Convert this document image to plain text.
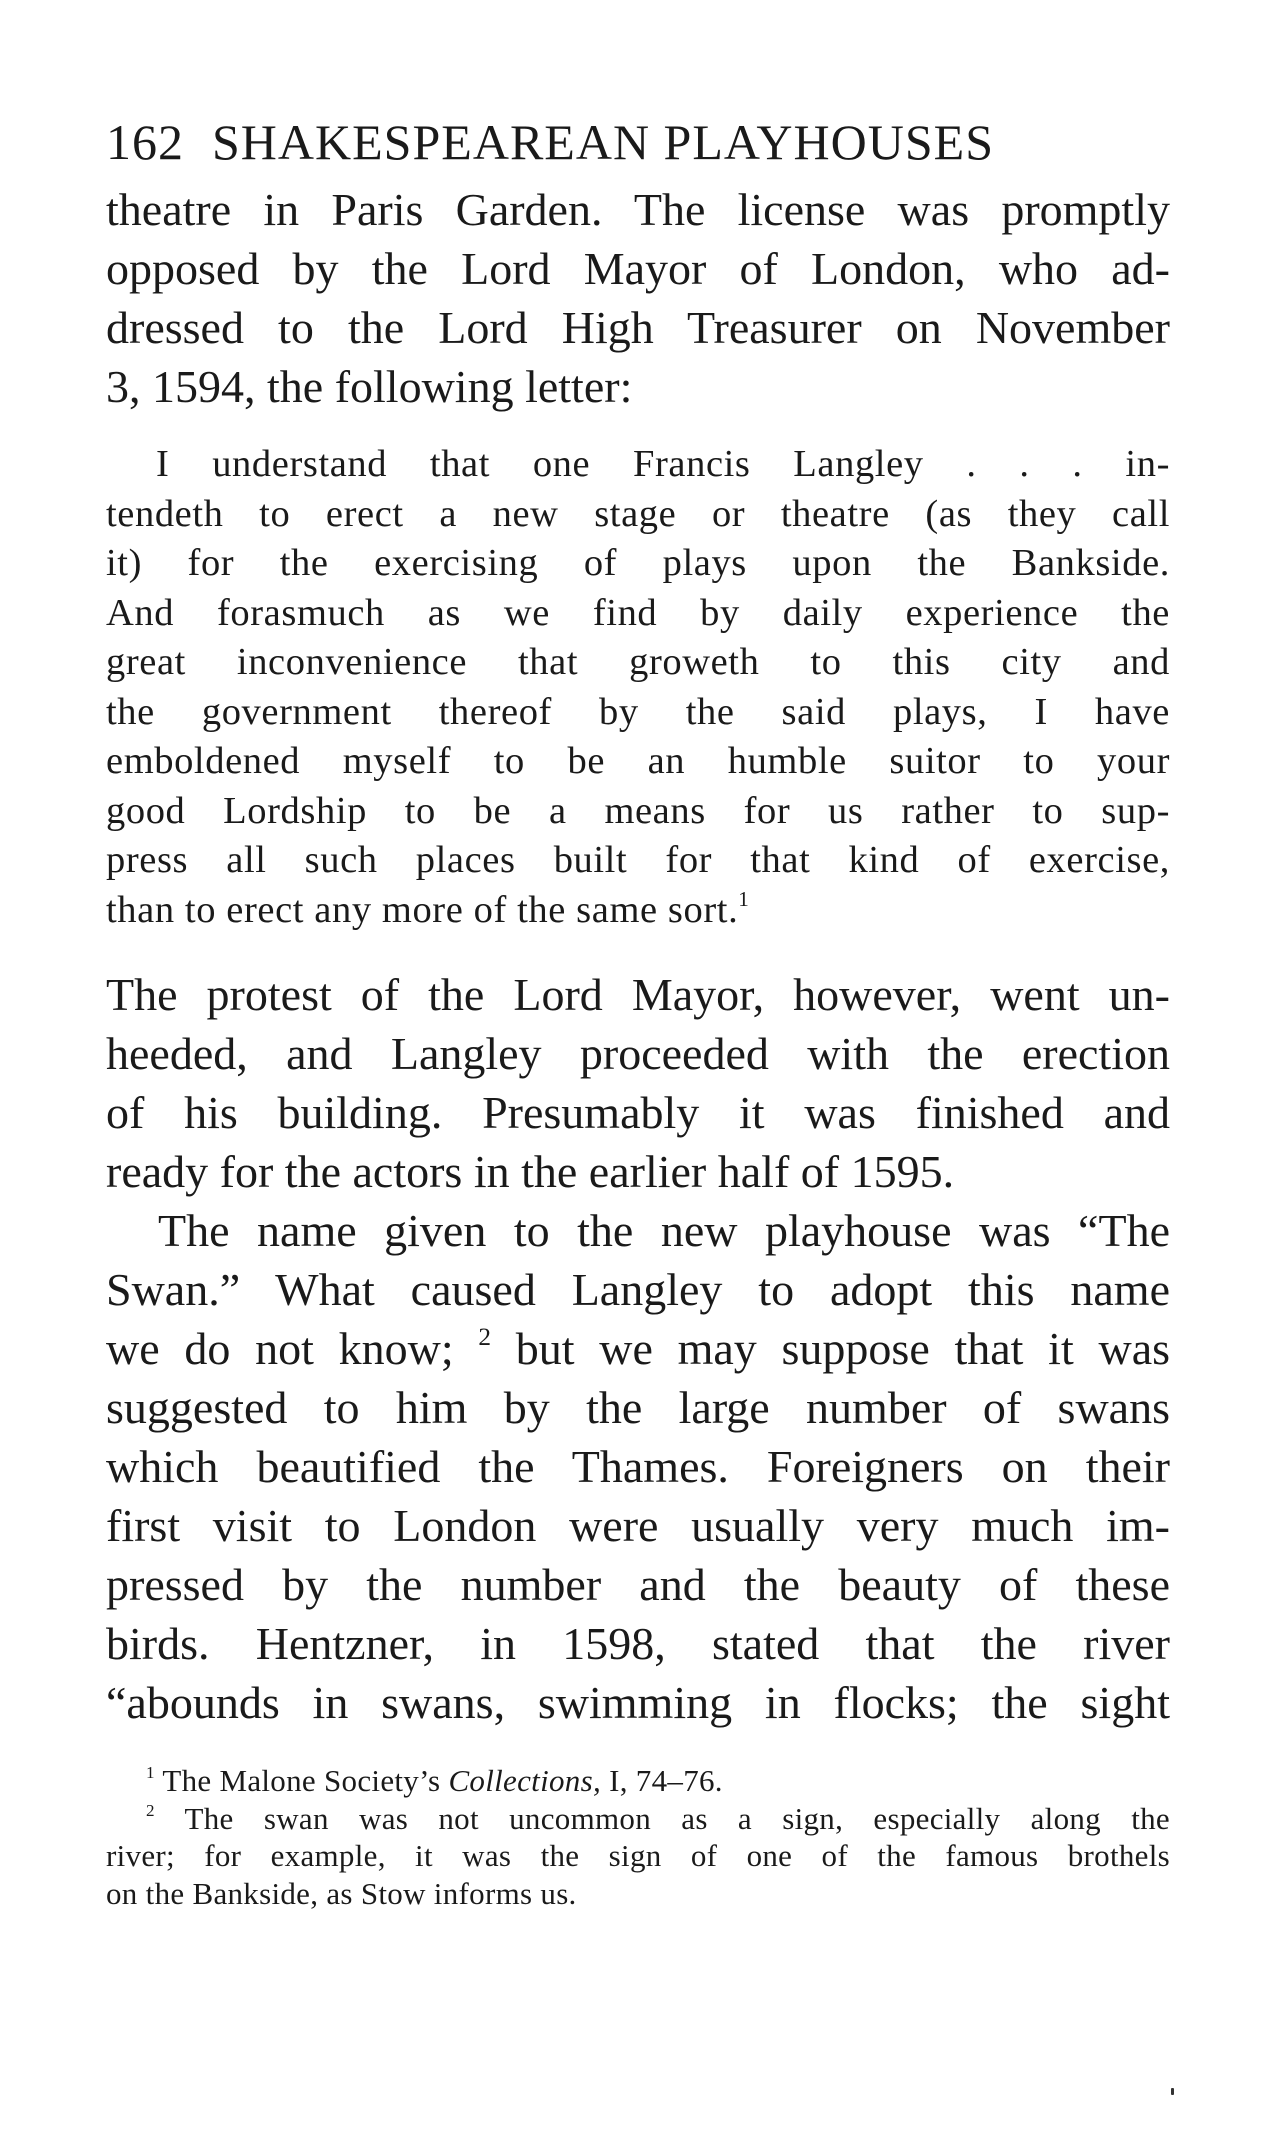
162 SHAKESPEAREAN PLAYHOUSES
theatre in Paris Garden. The license was promptly
opposed by the Lord Mayor of London, who ad-
dressed to the Lord High Treasurer on November
3, 1594, the following letter:
I understand that one Francis Langley . . . in-
tendeth to erect a new stage or theatre (as they call
it) for the exercising of plays upon the Bankside.
And forasmuch as we find by daily experience the
great inconvenience that groweth to this city and
the government thereof by the said plays, I have
emboldened myself to be an humble suitor to your
good Lordship to be a means for us rather to sup-
press all such places built for that kind of exercise,
than to erect any more of the same sort.$^1$
The protest of the Lord Mayor, however, went un-
heeded, and Langley proceeded with the erection
of his building. Presumably it was finished and
ready for the actors in the earlier half of 1595.
The name given to the new playhouse was “The
Swan.” What caused Langley to adopt this name
we do not know; $^2$ but we may suppose that it was
suggested to him by the large number of swans
which beautified the Thames. Foreigners on their
first visit to London were usually very much im-
pressed by the number and the beauty of these
birds. Hentzner, in 1598, stated that the river
“abounds in swans, swimming in flocks; the sight
$^1$ The Malone Society’s Collections, I, 74–76.
$^2$ The swan was not uncommon as a sign, especially along the
river; for example, it was the sign of one of the famous brothels
on the Bankside, as Stow informs us.
